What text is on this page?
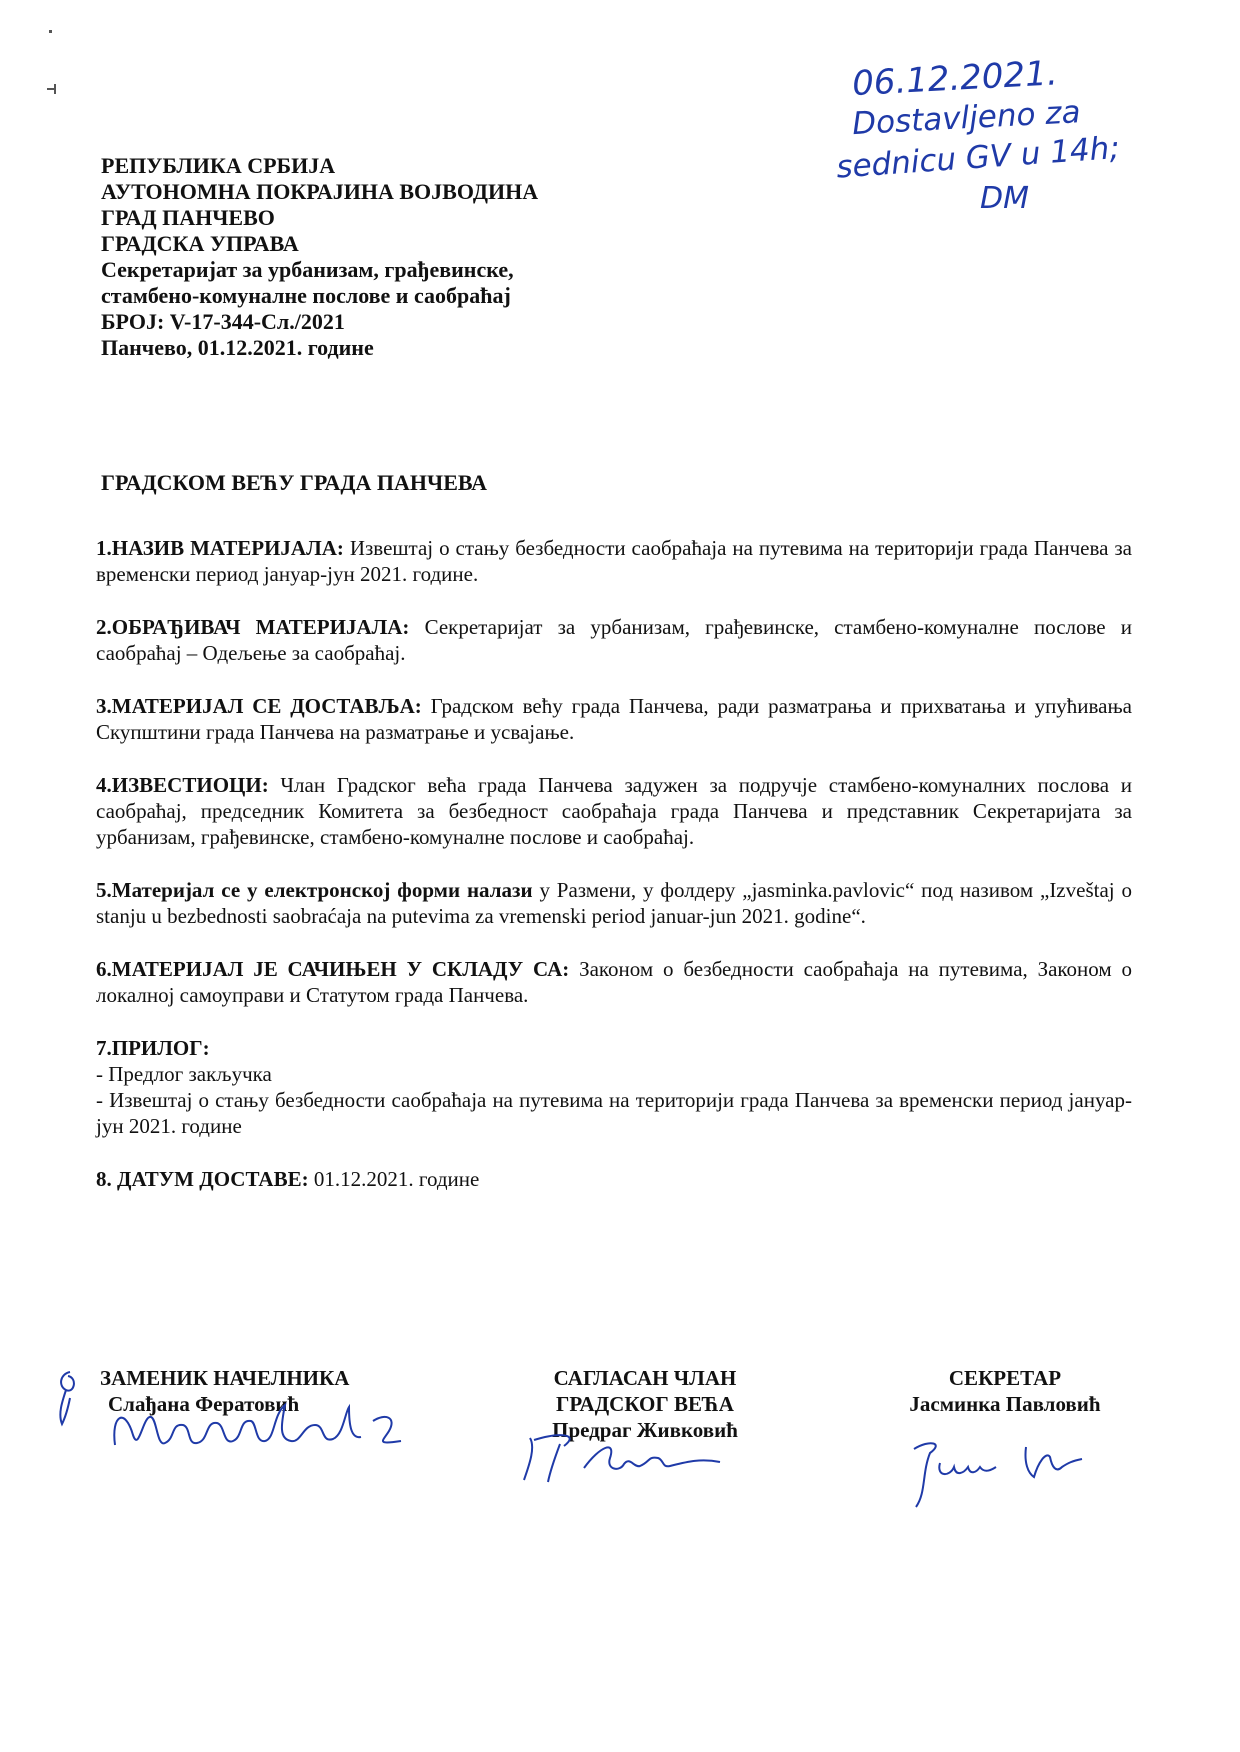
РЕПУБЛИКА СРБИЈА
АУТОНОМНА ПОКРАЈИНА ВОЈВОДИНА
ГРАД ПАНЧЕВО
ГРАДСКА УПРАВА
Секретаријат за урбанизам, грађевинске,
стамбено-комуналне послове и саобраћај
БРОЈ: V-17-344-Сл./2021
Панчево, 01.12.2021. године
06.12.2021.
Dostavljeno za
sednicu GV u 14h;
DM
ГРАДСКОМ ВЕЋУ ГРАДА ПАНЧЕВА

1.НАЗИВ МАТЕРИЈАЛА: Извештај о стању безбедности саобраћаја на путевима на територији града Панчева за временски период јануар-јун 2021. године.

2.ОБРАЂИВАЧ МАТЕРИЈАЛА: Секретаријат за урбанизам, грађевинске, стамбено-комуналне послове и саобраћај – Одељење за саобраћај.

3.МАТЕРИЈАЛ СЕ ДОСТАВЉА: Градском већу града Панчева, ради разматрања и прихватања и упућивања Скупштини града Панчева на разматрање и усвајање.

4.ИЗВЕСТИОЦИ: Члан Градског већа града Панчева задужен за подручје стамбено-комуналних послова и саобраћај, председник Комитета за безбедност саобраћаја града Панчева и представник Секретаријата за урбанизам, грађевинске, стамбено-комуналне послове и саобраћај.

5.Материјал се у електронској форми налази у Размени, у фолдеру „jasminka.pavlovic“ под називом „Izveštaj o stanju u bezbednosti saobraćaja na putevima za vremenski period januar-jun 2021. godine“.

6.МАТЕРИЈАЛ ЈЕ САЧИЊЕН У СКЛАДУ СА: Законом о безбедности саобраћаја на путевима, Законом о локалној самоуправи и Статутом града Панчева.

7.ПРИЛОГ:

- Предлог закључка

- Извештај о стању безбедности саобраћаја на путевима на територији града Панчева за временски период јануар-јун 2021. године

8. ДАТУМ ДОСТАВЕ: 01.12.2021. године

ЗАМЕНИК НАЧЕЛНИКА
Слађана Фератовић
САГЛАСАН ЧЛАН
ГРАДСКОГ ВЕЋА
Предраг Живковић
СЕКРЕТАР
Јасминка Павловић
